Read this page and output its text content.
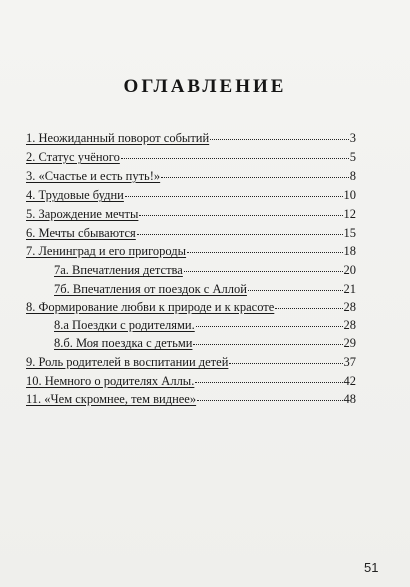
ОГЛАВЛЕНИЕ
1. Неожиданный поворот событий	3
2. Статус учёного	5
3. «Счастье и есть путь!»	8
4. Трудовые будни	10
5. Зарождение мечты	12
6. Мечты сбываются	15
7. Ленинград и его пригороды	18
7а. Впечатления детства	20
7б. Впечатления от поездок с Аллой	21
8. Формирование любви к природе и к красоте	28
8.а Поездки с родителями.	28
8.б. Моя поездка с детьми	29
9. Роль родителей в воспитании детей	37
10. Немного о родителях Аллы.	42
11. «Чем скромнее, тем виднее»	48
51
